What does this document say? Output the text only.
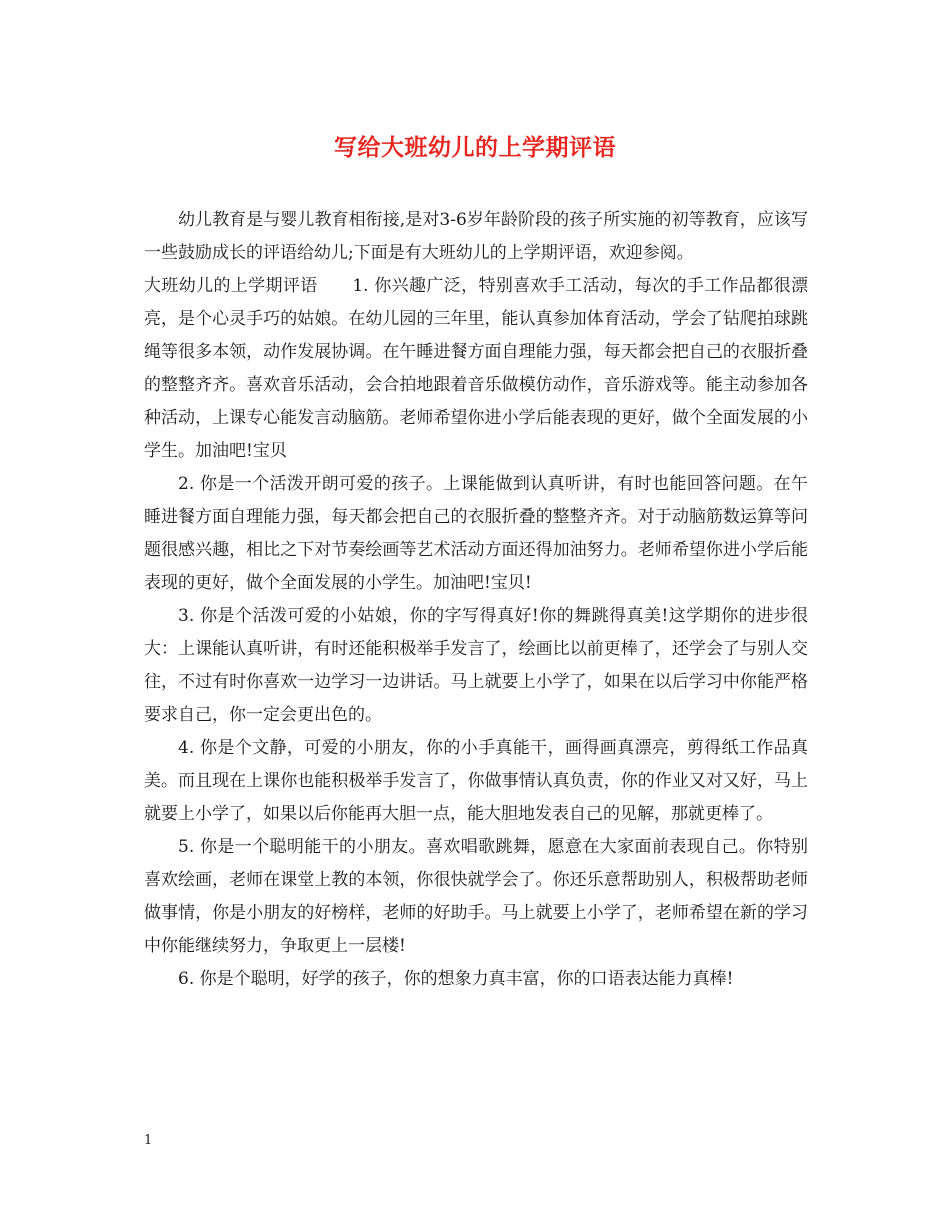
写给大班幼儿的上学期评语

幼儿教育是与婴儿教育相衔接,是对3-6岁年龄阶段的孩子所实施的初等教育，应该写一些鼓励成长的评语给幼儿;下面是有大班幼儿的上学期评语，欢迎参阅。

大班幼儿的上学期评语　　1. 你兴趣广泛，特别喜欢手工活动，每次的手工作品都很漂亮，是个心灵手巧的姑娘。在幼儿园的三年里，能认真参加体育活动，学会了钻爬拍球跳绳等很多本领，动作发展协调。在午睡进餐方面自理能力强，每天都会把自己的衣服折叠的整整齐齐。喜欢音乐活动，会合拍地跟着音乐做模仿动作，音乐游戏等。能主动参加各种活动，上课专心能发言动脑筋。老师希望你进小学后能表现的更好，做个全面发展的小学生。加油吧!宝贝

2. 你是一个活泼开朗可爱的孩子。上课能做到认真听讲，有时也能回答问题。在午睡进餐方面自理能力强，每天都会把自己的衣服折叠的整整齐齐。对于动脑筋数运算等问题很感兴趣，相比之下对节奏绘画等艺术活动方面还得加油努力。老师希望你进小学后能表现的更好，做个全面发展的小学生。加油吧!宝贝!

3. 你是个活泼可爱的小姑娘，你的字写得真好!你的舞跳得真美!这学期你的进步很大：上课能认真听讲，有时还能积极举手发言了，绘画比以前更棒了，还学会了与别人交往，不过有时你喜欢一边学习一边讲话。马上就要上小学了，如果在以后学习中你能严格要求自己，你一定会更出色的。

4. 你是个文静，可爱的小朋友，你的小手真能干，画得画真漂亮，剪得纸工作品真美。而且现在上课你也能积极举手发言了，你做事情认真负责，你的作业又对又好，马上就要上小学了，如果以后你能再大胆一点，能大胆地发表自己的见解，那就更棒了。

5. 你是一个聪明能干的小朋友。喜欢唱歌跳舞，愿意在大家面前表现自己。你特别喜欢绘画，老师在课堂上教的本领，你很快就学会了。你还乐意帮助别人，积极帮助老师做事情，你是小朋友的好榜样，老师的好助手。马上就要上小学了，老师希望在新的学习中你能继续努力，争取更上一层楼!

6. 你是个聪明，好学的孩子，你的想象力真丰富，你的口语表达能力真棒!

1
